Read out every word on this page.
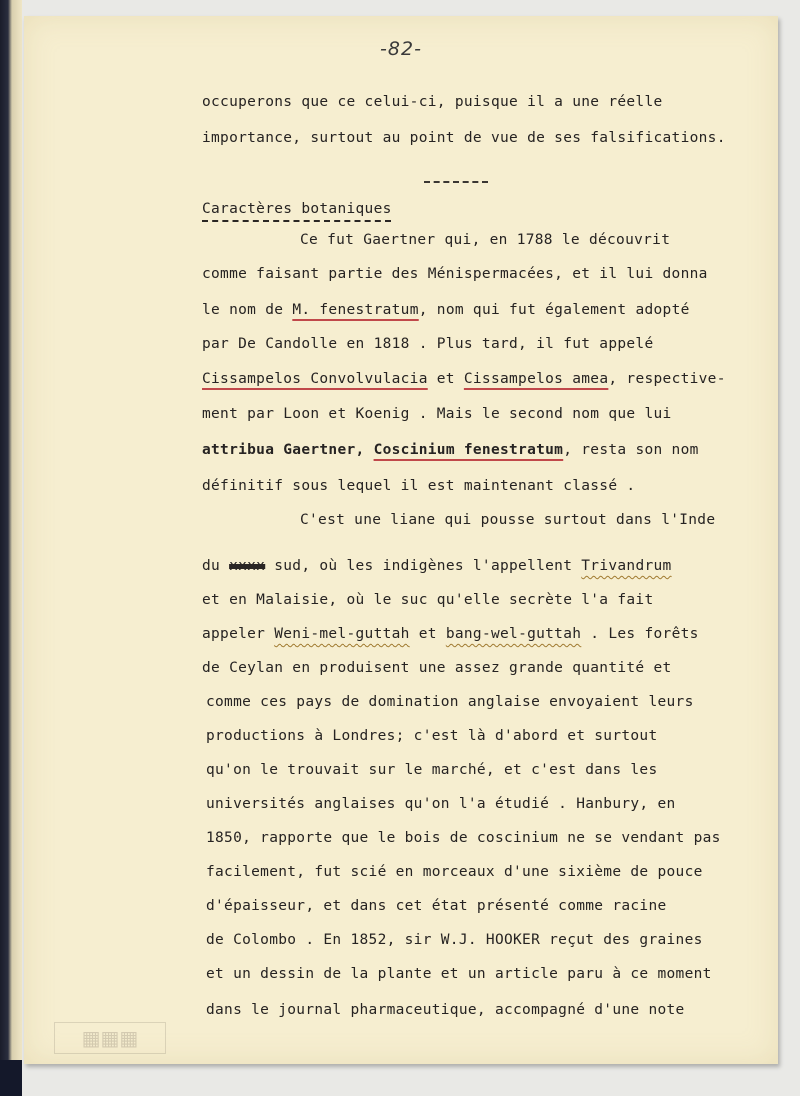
-82-
occuperons que ce celui-ci, puisque il a une réelle
importance, surtout au point de vue de ses falsifications.
Caractères botaniques
Ce fut Gaertner qui, en 1788 le découvrit
comme faisant partie des Ménispermacées, et il lui donna
le nom de M. fenestratum, nom qui fut également adopté
par De Candolle en 1818 . Plus tard, il fut appelé
Cissampelos Convolvulacia et Cissampelos amea, respective-
ment par Loon et Koenig . Mais le second nom que lui
attribua Gaertner, Coscinium fenestratum, resta son nom
définitif sous lequel il est maintenant classé .
C'est une liane qui pousse surtout dans l'Inde
du xxxx sud, où les indigènes l'appellent Trivandrum
et en Malaisie, où le suc qu'elle secrète l'a fait
appeler Weni-mel-guttah et bang-wel-guttah . Les forêts
de Ceylan en produisent une assez grande quantité et
comme ces pays de domination anglaise envoyaient leurs
productions à Londres; c'est là d'abord et surtout
qu'on le trouvait sur le marché, et c'est dans les
universités anglaises qu'on l'a étudié . Hanbury, en
1850, rapporte que le bois de coscinium ne se vendant pas
facilement, fut scié en morceaux d'une sixième de pouce
d'épaisseur, et dans cet état présenté comme racine
de Colombo . En 1852, sir W.J. HOOKER reçut des graines
et un dessin de la plante et un article paru à ce moment
dans le journal pharmaceutique, accompagné d'une note
▦▦▦
